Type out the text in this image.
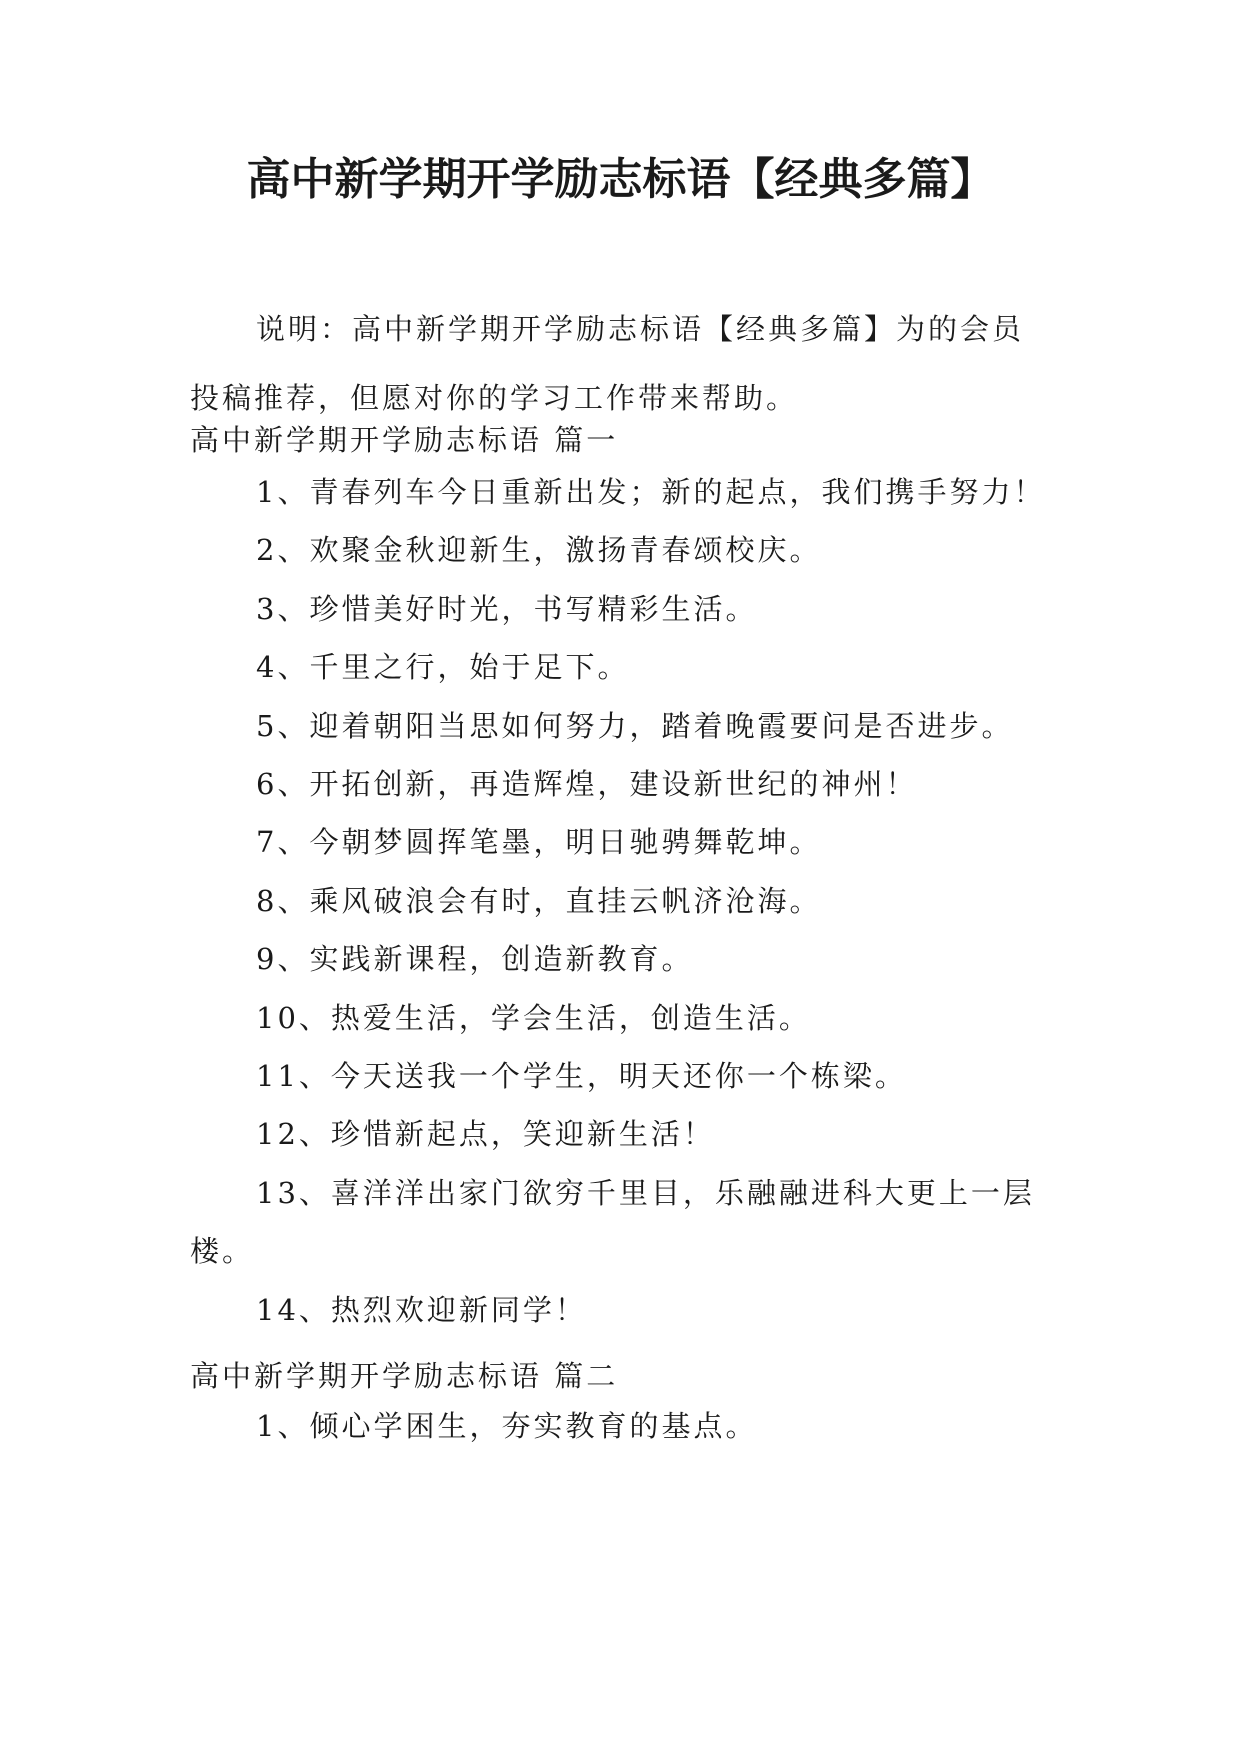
高中新学期开学励志标语【经典多篇】
说明：高中新学期开学励志标语【经典多篇】为的会员投稿推荐，但愿对你的学习工作带来帮助。
高中新学期开学励志标语 篇一
1、青春列车今日重新出发；新的起点，我们携手努力！
2、欢聚金秋迎新生，激扬青春颂校庆。
3、珍惜美好时光，书写精彩生活。
4、千里之行，始于足下。
5、迎着朝阳当思如何努力，踏着晚霞要问是否进步。
6、开拓创新，再造辉煌，建设新世纪的神州！
7、今朝梦圆挥笔墨，明日驰骋舞乾坤。
8、乘风破浪会有时，直挂云帆济沧海。
9、实践新课程，创造新教育。
10、热爱生活，学会生活，创造生活。
11、今天送我一个学生，明天还你一个栋梁。
12、珍惜新起点，笑迎新生活！
13、喜洋洋出家门欲穷千里目，乐融融进科大更上一层楼。
14、热烈欢迎新同学！
高中新学期开学励志标语 篇二
1、倾心学困生，夯实教育的基点。
